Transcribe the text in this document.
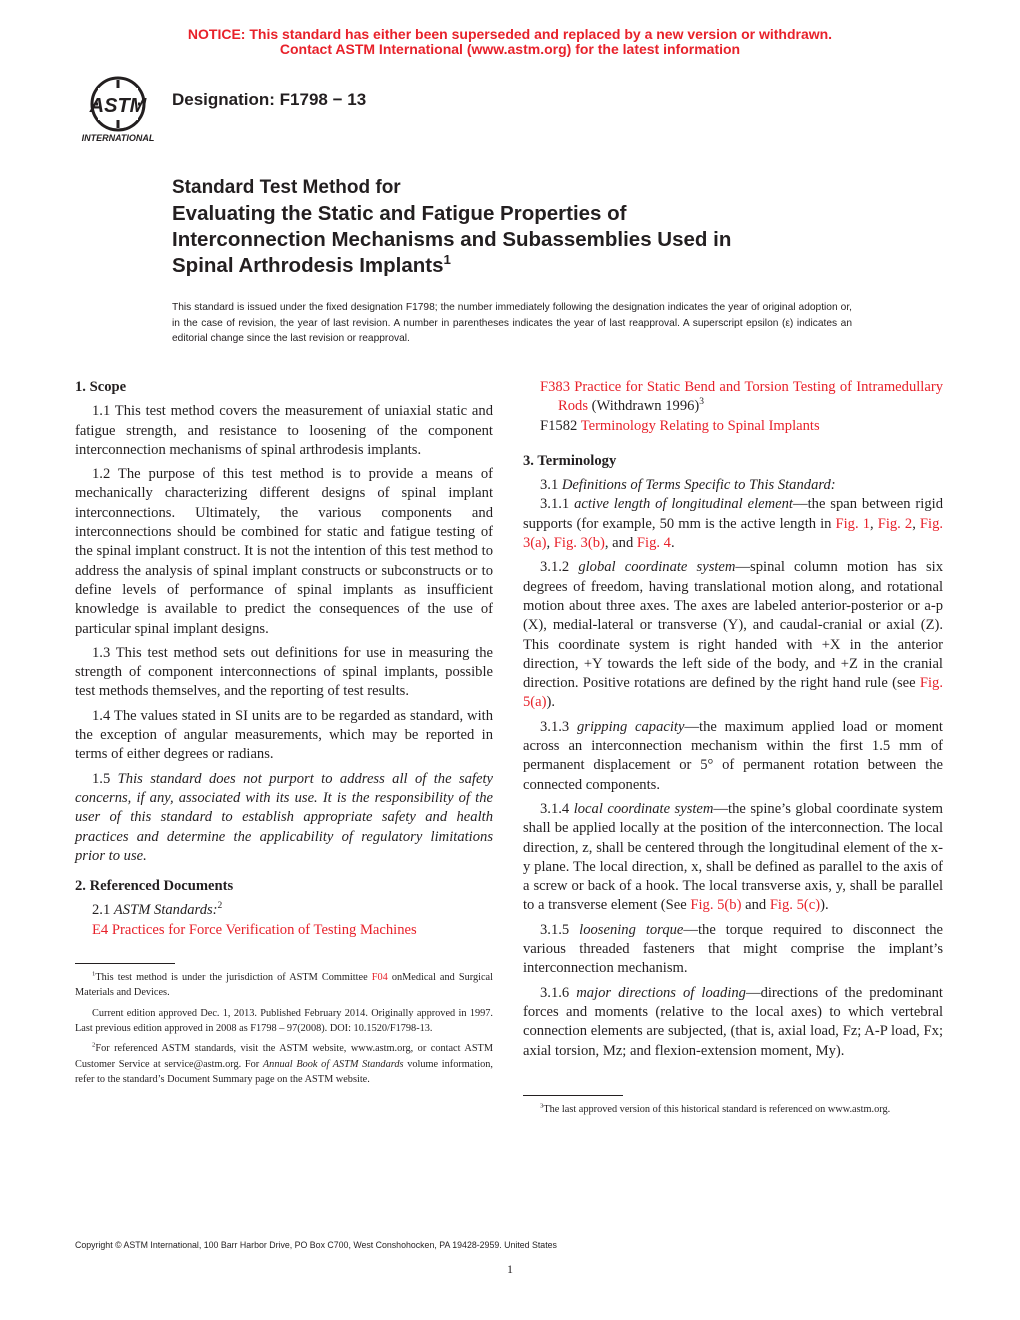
NOTICE: This standard has either been superseded and replaced by a new version or withdrawn.
Contact ASTM International (www.astm.org) for the latest information
ASTM
INTERNATIONAL
Designation: F1798 − 13
Standard Test Method for
Evaluating the Static and Fatigue Properties of
Interconnection Mechanisms and Subassemblies Used in
Spinal Arthrodesis Implants$^1$
This standard is issued under the fixed designation F1798; the number immediately following the designation indicates the year of original adoption or, in the case of revision, the year of last revision. A number in parentheses indicates the year of last reapproval. A superscript epsilon (ε) indicates an editorial change since the last revision or reapproval.
1. Scope

1.1 This test method covers the measurement of uniaxial static and fatigue strength, and resistance to loosening of the component interconnection mechanisms of spinal arthrodesis implants.

1.2 The purpose of this test method is to provide a means of mechanically characterizing different designs of spinal implant interconnections. Ultimately, the various components and interconnections should be combined for static and fatigue testing of the spinal implant construct. It is not the intention of this test method to address the analysis of spinal implant constructs or subconstructs or to define levels of performance of spinal implants as insufficient knowledge is available to predict the consequences of the use of particular spinal implant designs.

1.3 This test method sets out definitions for use in measuring the strength of component interconnections of spinal implants, possible test methods themselves, and the reporting of test results.

1.4 The values stated in SI units are to be regarded as standard, with the exception of angular measurements, which may be reported in terms of either degrees or radians.

1.5 This standard does not purport to address all of the safety concerns, if any, associated with its use. It is the responsibility of the user of this standard to establish appropriate safety and health practices and determine the applicability of regulatory limitations prior to use.

2. Referenced Documents

2.1 ASTM Standards:$^2$

E4 Practices for Force Verification of Testing Machines

$^1$This test method is under the jurisdiction of ASTM Committee F04 onMedical and Surgical Materials and Devices.

Current edition approved Dec. 1, 2013. Published February 2014. Originally approved in 1997. Last previous edition approved in 2008 as F1798 – 97(2008). DOI: 10.1520/F1798-13.

$^2$For referenced ASTM standards, visit the ASTM website, www.astm.org, or contact ASTM Customer Service at service@astm.org. For Annual Book of ASTM Standards volume information, refer to the standard’s Document Summary page on the ASTM website.

F383 Practice for Static Bend and Torsion Testing of Intramedullary Rods (Withdrawn 1996)$^3$

F1582 Terminology Relating to Spinal Implants

3. Terminology

3.1 Definitions of Terms Specific to This Standard:

3.1.1 active length of longitudinal element—the span between rigid supports (for example, 50 mm is the active length in Fig. 1, Fig. 2, Fig. 3(a), Fig. 3(b), and Fig. 4.

3.1.2 global coordinate system—spinal column motion has six degrees of freedom, having translational motion along, and rotational motion about three axes. The axes are labeled anterior-posterior or a-p (X), medial-lateral or transverse (Y), and caudal-cranial or axial (Z). This coordinate system is right handed with +X in the anterior direction, +Y towards the left side of the body, and +Z in the cranial direction. Positive rotations are defined by the right hand rule (see Fig. 5(a)).

3.1.3 gripping capacity—the maximum applied load or moment across an interconnection mechanism within the first 1.5 mm of permanent displacement or 5° of permanent rotation between the connected components.

3.1.4 local coordinate system—the spine’s global coordinate system shall be applied locally at the position of the interconnection. The local direction, z, shall be centered through the longitudinal element of the x-y plane. The local direction, x, shall be defined as parallel to the axis of a screw or back of a hook. The local transverse axis, y, shall be parallel to a transverse element (See Fig. 5(b) and Fig. 5(c)).

3.1.5 loosening torque—the torque required to disconnect the various threaded fasteners that might comprise the implant’s interconnection mechanism.

3.1.6 major directions of loading—directions of the predominant forces and moments (relative to the local axes) to which vertebral connection elements are subjected, (that is, axial load, Fz; A-P load, Fx; axial torsion, Mz; and flexion-extension moment, My).

$^3$The last approved version of this historical standard is referenced on www.astm.org.

Copyright © ASTM International, 100 Barr Harbor Drive, PO Box C700, West Conshohocken, PA 19428-2959. United States
1
